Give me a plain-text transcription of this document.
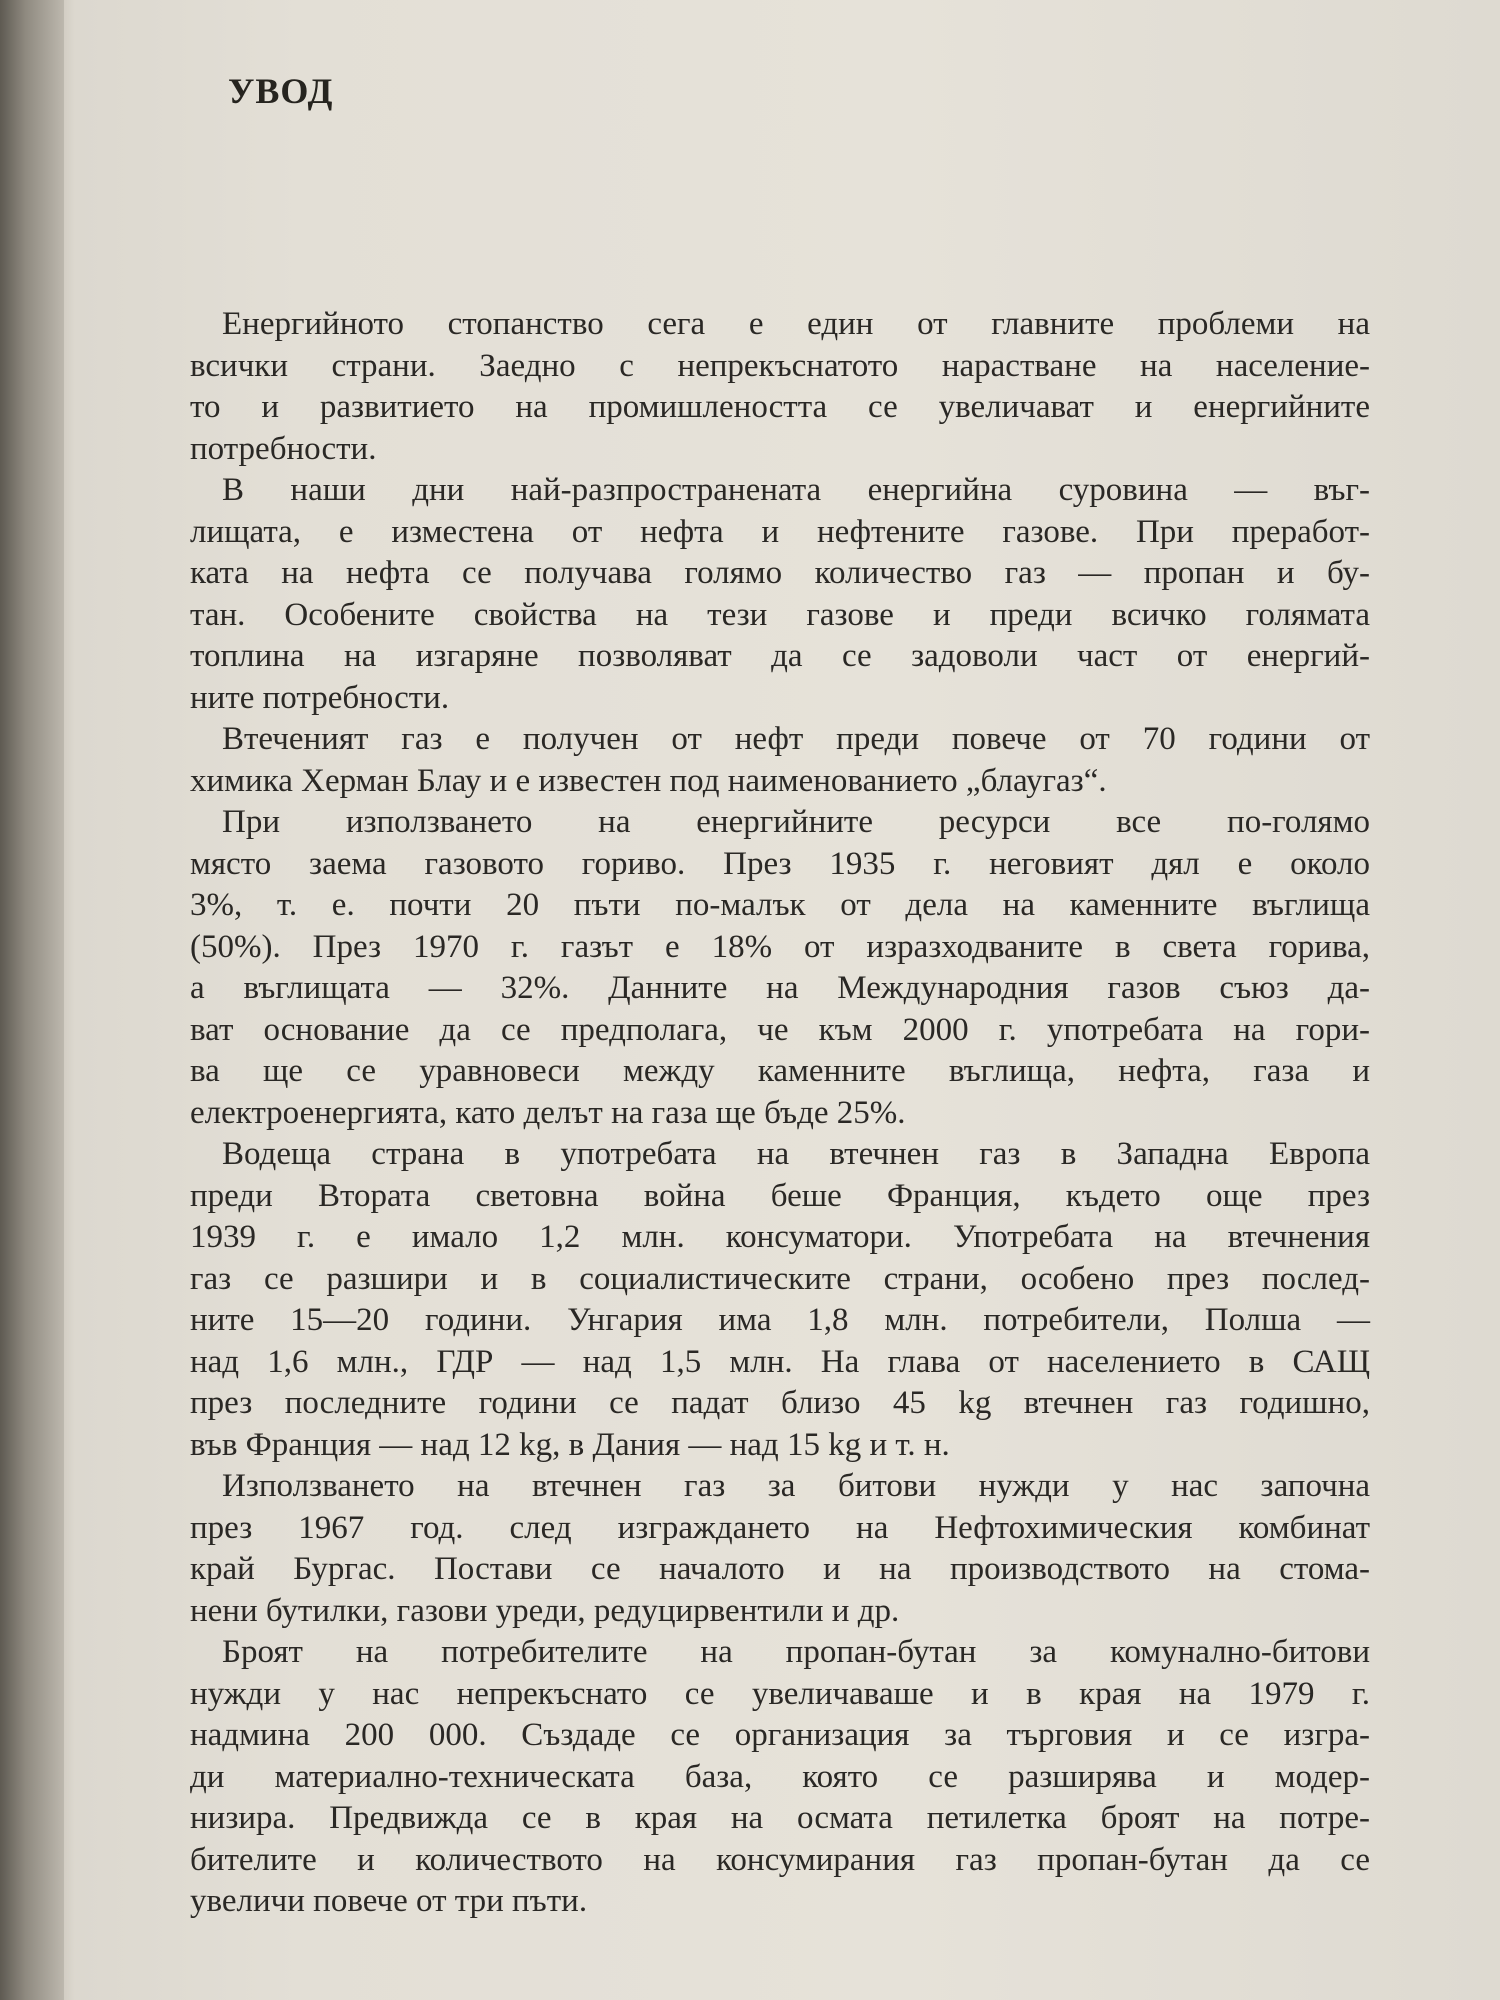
УВОД
Енергийното стопанство сега е един от главните проблеми на
всички страни. Заедно с непрекъснатото нарастване на население-
то и развитието на промишлеността се увеличават и енергийните
потребности.
В наши дни най-разпространената енергийна суровина — въг-
лищата, е изместена от нефта и нефтените газове. При преработ-
ката на нефта се получава голямо количество газ — пропан и бу-
тан. Особените свойства на тези газове и преди всичко голямата
топлина на изгаряне позволяват да се задоволи част от енергий-
ните потребности.
Втеченият газ е получен от нефт преди повече от 70 години от
химика Херман Блау и е известен под наименованието „блаугаз“.
При използването на енергийните ресурси все по-голямо
място заема газовото гориво. През 1935 г. неговият дял е около
3%, т. е. почти 20 пъти по-малък от дела на каменните въглища
(50%). През 1970 г. газът е 18% от изразходваните в света горива,
а въглищата — 32%. Данните на Международния газов съюз да-
ват основание да се предполага, че към 2000 г. употребата на гори-
ва ще се уравновеси между каменните въглища, нефта, газа и
електроенергията, като делът на газа ще бъде 25%.
Водеща страна в употребата на втечнен газ в Западна Европа
преди Втората световна война беше Франция, където още през
1939 г. е имало 1,2 млн. консуматори. Употребата на втечнения
газ се разшири и в социалистическите страни, особено през послед-
ните 15—20 години. Унгария има 1,8 млн. потребители, Полша —
над 1,6 млн., ГДР — над 1,5 млн. На глава от населението в САЩ
през последните години се падат близо 45 kg втечнен газ годишно,
във Франция — над 12 kg, в Дания — над 15 kg и т. н.
Използването на втечнен газ за битови нужди у нас започна
през 1967 год. след изграждането на Нефтохимическия комбинат
край Бургас. Постави се началото и на производството на стома-
нени бутилки, газови уреди, редуцирвентили и др.
Броят на потребителите на пропан-бутан за комунално-битови
нужди у нас непрекъснато се увеличаваше и в края на 1979 г.
надмина 200 000. Създаде се организация за търговия и се изгра-
ди материално-техническата база, която се разширява и модер-
низира. Предвижда се в края на осмата петилетка броят на потре-
бителите и количеството на консумирания газ пропан-бутан да се
увеличи повече от три пъти.
